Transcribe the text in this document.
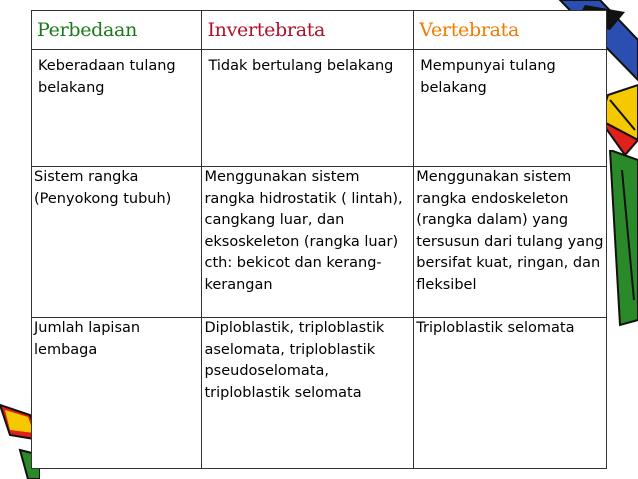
Perbedaan	Invertebrata	Vertebrata
Keberadaan tulang belakang	Tidak bertulang belakang	Mempunyai tulang belakang
Sistem rangka (Penyokong tubuh)	Menggunakan sistem rangka hidrostatik ( lintah), cangkang luar, dan eksoskeleton (rangka luar) cth: bekicot dan kerang-kerangan	Menggunakan sistem rangka endoskeleton (rangka dalam) yang tersusun dari tulang yang bersifat kuat, ringan, dan fleksibel
Jumlah lapisan lembaga	Diploblastik, triploblastik aselomata, triploblastik pseudoselomata, triploblastik selomata	Triploblastik selomata
